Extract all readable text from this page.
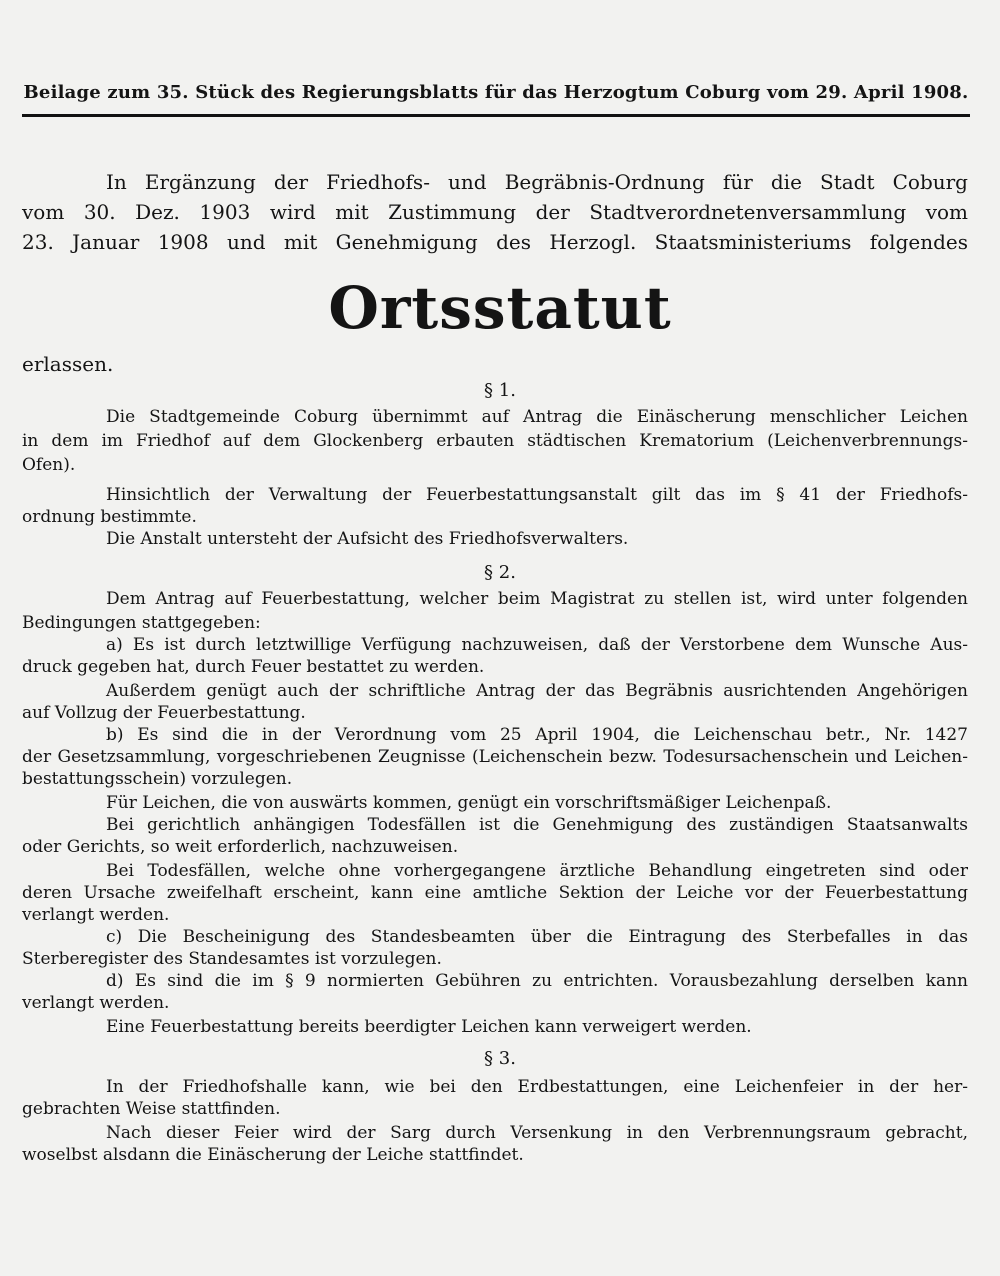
Beilage zum 35. Stück des Regierungsblatts für das Herzogtum Coburg vom 29. April 1908.

In Ergänzung der Friedhofs- und Begräbnis-Ordnung für die Stadt Coburg

vom 30. Dez. 1903 wird mit Zustimmung der Stadtverordnetenversammlung vom

23. Januar 1908 und mit Genehmigung des Herzogl. Staatsministeriums folgendes

Ortsstatut

erlassen.

§ 1.

Die Stadtgemeinde Coburg übernimmt auf Antrag die Einäscherung menschlicher Leichen

in dem im Friedhof auf dem Glockenberg erbauten städtischen Krematorium (Leichenverbrennungs-

Ofen).

Hinsichtlich der Verwaltung der Feuerbestattungsanstalt gilt das im § 41 der Friedhofs-

ordnung bestimmte.

Die Anstalt untersteht der Aufsicht des Friedhofsverwalters.

§ 2.

Dem Antrag auf Feuerbestattung, welcher beim Magistrat zu stellen ist, wird unter folgenden

Bedingungen stattgegeben:

a) Es ist durch letztwillige Verfügung nachzuweisen, daß der Verstorbene dem Wunsche Aus-

druck gegeben hat, durch Feuer bestattet zu werden.

Außerdem genügt auch der schriftliche Antrag der das Begräbnis ausrichtenden Angehörigen

auf Vollzug der Feuerbestattung.

b) Es sind die in der Verordnung vom 25 April 1904, die Leichenschau betr., Nr. 1427

der Gesetzsammlung, vorgeschriebenen Zeugnisse (Leichenschein bezw. Todesursachenschein und Leichen-

bestattungsschein) vorzulegen.

Für Leichen, die von auswärts kommen, genügt ein vorschriftsmäßiger Leichenpaß.

Bei gerichtlich anhängigen Todesfällen ist die Genehmigung des zuständigen Staatsanwalts

oder Gerichts, so weit erforderlich, nachzuweisen.

Bei Todesfällen, welche ohne vorhergegangene ärztliche Behandlung eingetreten sind oder

deren Ursache zweifelhaft erscheint, kann eine amtliche Sektion der Leiche vor der Feuerbestattung

verlangt werden.

c) Die Bescheinigung des Standesbeamten über die Eintragung des Sterbefalles in das

Sterberegister des Standesamtes ist vorzulegen.

d) Es sind die im § 9 normierten Gebühren zu entrichten. Vorausbezahlung derselben kann

verlangt werden.

Eine Feuerbestattung bereits beerdigter Leichen kann verweigert werden.

§ 3.

In der Friedhofshalle kann, wie bei den Erdbestattungen, eine Leichenfeier in der her-

gebrachten Weise stattfinden.

Nach dieser Feier wird der Sarg durch Versenkung in den Verbrennungsraum gebracht,

woselbst alsdann die Einäscherung der Leiche stattfindet.
